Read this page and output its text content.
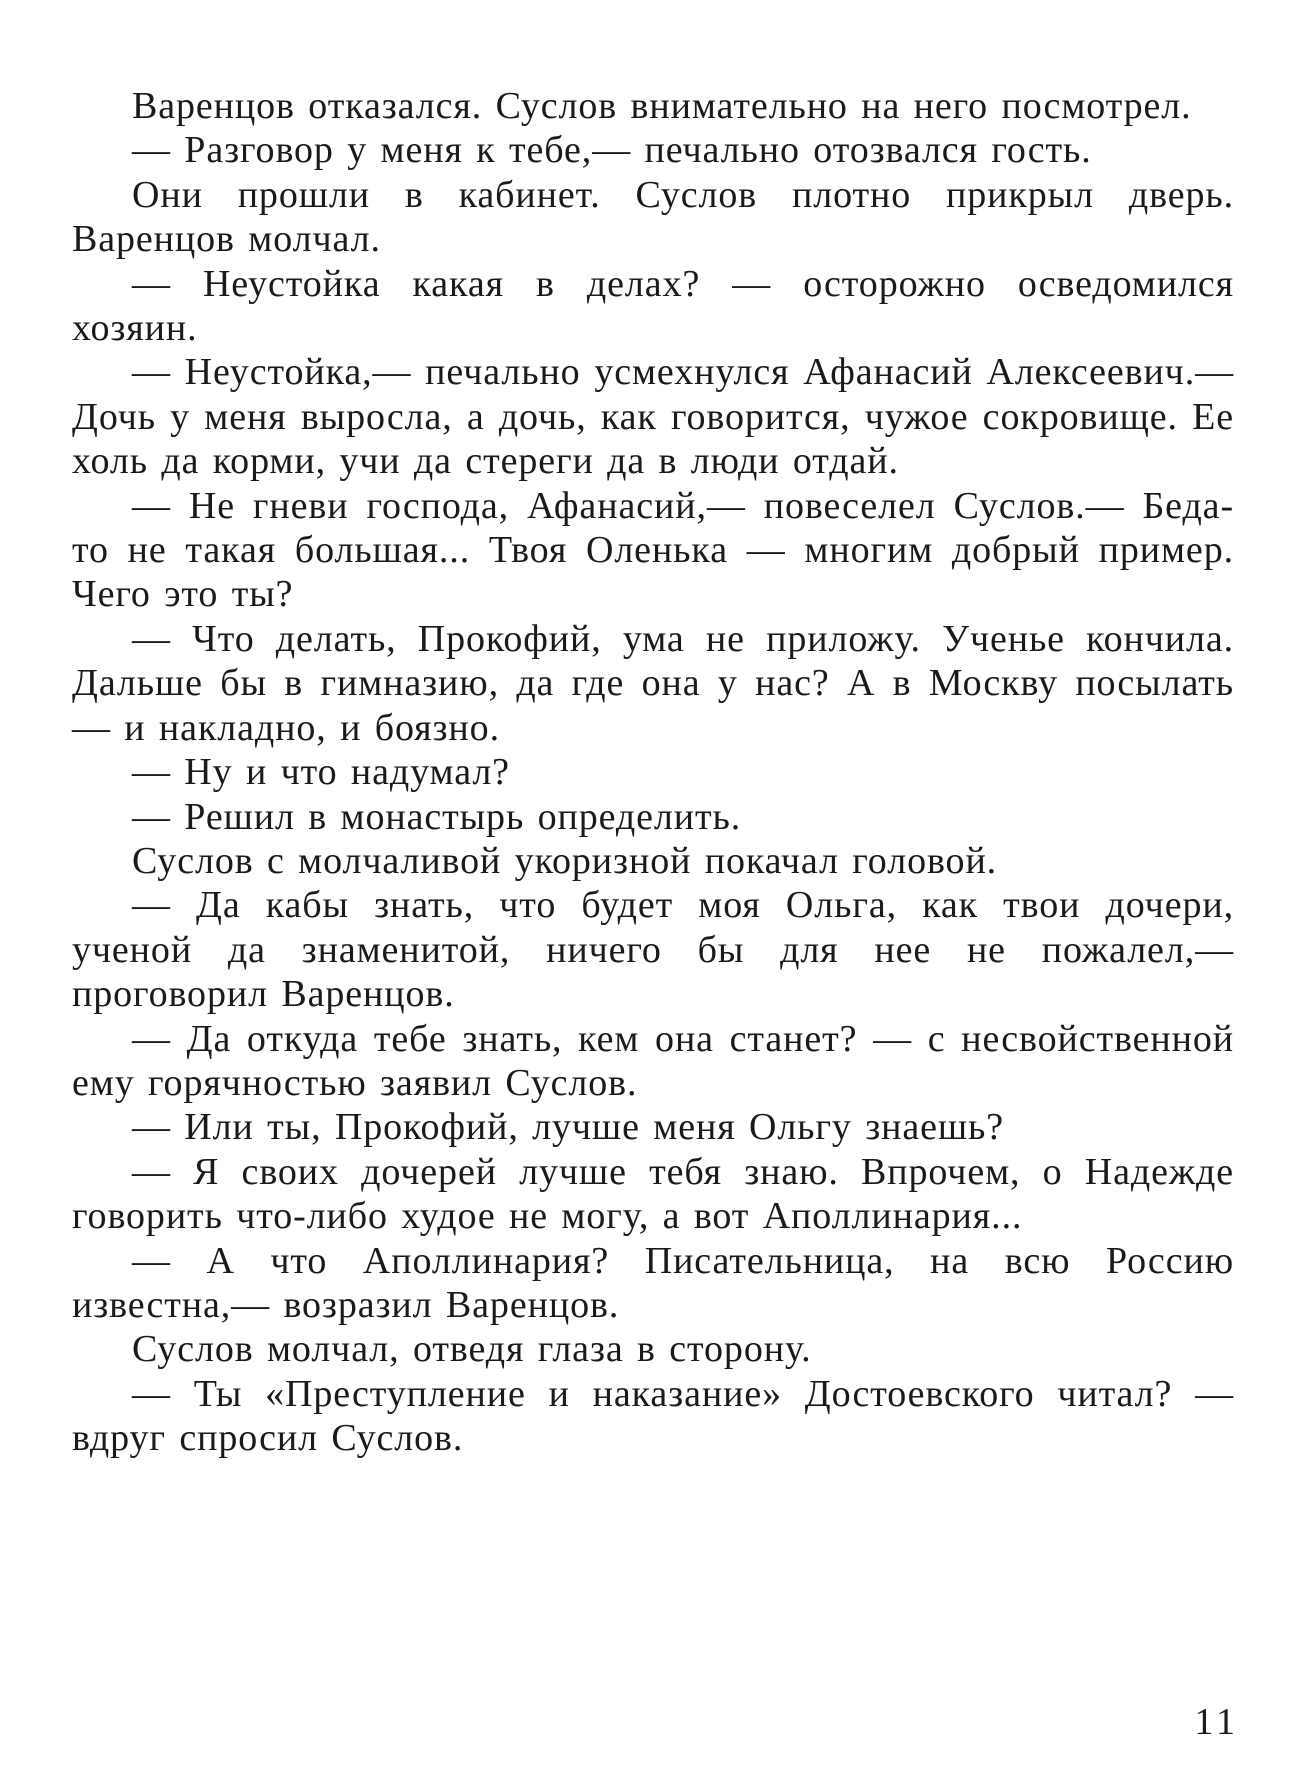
Варенцов отказался. Суслов внимательно на него посмотрел.

— Разговор у меня к тебе,— печально отозвался гость.

Они прошли в кабинет. Суслов плотно прикрыл дверь. Варенцов молчал.

— Неустойка какая в делах? — осторожно осведомился хозяин.

— Неустойка,— печально усмехнулся Афанасий Алексеевич.— Дочь у меня выросла, а дочь, как говорится, чужое сокровище. Ее холь да корми, учи да стереги да в люди отдай.

— Не гневи господа, Афанасий,— повеселел Суслов.— Беда-то не такая большая... Твоя Оленька — многим добрый пример. Чего это ты?

— Что делать, Прокофий, ума не приложу. Ученье кончила. Дальше бы в гимназию, да где она у нас? А в Москву посылать — и накладно, и боязно.

— Ну и что надумал?

— Решил в монастырь определить.

Суслов с молчаливой укоризной покачал головой.

— Да кабы знать, что будет моя Ольга, как твои дочери, ученой да знаменитой, ничего бы для нее не пожалел,— проговорил Варенцов.

— Да откуда тебе знать, кем она станет? — с несвойственной ему горячностью заявил Суслов.

— Или ты, Прокофий, лучше меня Ольгу знаешь?

— Я своих дочерей лучше тебя знаю. Впрочем, о Надежде говорить что-либо худое не могу, а вот Аполлинария...

— А что Аполлинария? Писательница, на всю Россию известна,— возразил Варенцов.

Суслов молчал, отведя глаза в сторону.

— Ты «Преступление и наказание» Достоевского читал? — вдруг спросил Суслов.

11
